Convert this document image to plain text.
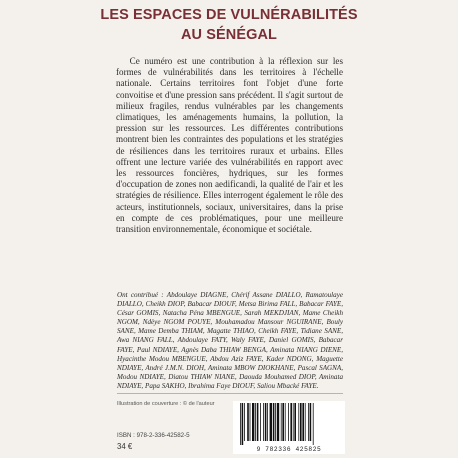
LES ESPACES DE VULNÉRABILITÉS
AU SÉNÉGAL
Ce numéro est une contribution à la réflexion sur les formes de vulnérabilités dans les territoires à l'échelle nationale. Certains territoires font l'objet d'une forte convoitise et d'une pression sans précédent. Il s'agit surtout de milieux fragiles, rendus vulnérables par les changements climatiques, les aménagements humains, la pollution, la pression sur les ressources. Les différentes contributions montrent bien les contraintes des populations et les stratégies de résiliences dans les territoires ruraux et urbains. Elles offrent une lecture variée des vulnérabilités en rapport avec les ressources foncières, hydriques, sur les formes d'occupation de zones non aedificandi, la qualité de l'air et les stratégies de résilience. Elles interrogent également le rôle des acteurs, institutionnels, sociaux, universitaires, dans la prise en compte de ces problématiques, pour une meilleure transition environnementale, économique et sociétale.
Ont contribué : Abdoulaye DIAGNE, Chérif Assane DIALLO, Ramatoulaye DIALLO, Cheikh DIOP, Babacar DIOUF, Metsa Birima FALL, Babacar FAYE, César GOMIS, Natacha Péna MBENGUE, Sarah MEKDJIAN, Mame Cheikh NGOM, Ndèye NGOM POUYE, Mouhamadou Mansour NGUIRANE, Bouly SANE, Mame Demba THIAM, Magatte THIAO, Cheikh FAYE, Tidiane SANE, Awa NIANG FALL, Abdoulaye FATY, Waly FAYE, Daniel GOMIS, Babacar FAYE, Paul NDIAYE, Agnès Daba THIAW BENGA, Aminata NIANG DIENE, Hyacinthe Modou MBENGUE, Abdou Aziz FAYE, Kader NDONG, Maguette NDIAYE, André J.M.N. DIOH, Aminata MBOW DIOKHANE, Pascal SAGNA, Modou NDIAYE, Diatou THIAW NIANE, Daouda Mouhamed DIOP, Aminata NDIAYE, Papa SAKHO, Ibrahima Faye DIOUF, Saliou Mbacké FAYE.
Illustration de couverture : © de l'auteur
ISBN : 978-2-336-42582-5
34 €	9 782336 425825
